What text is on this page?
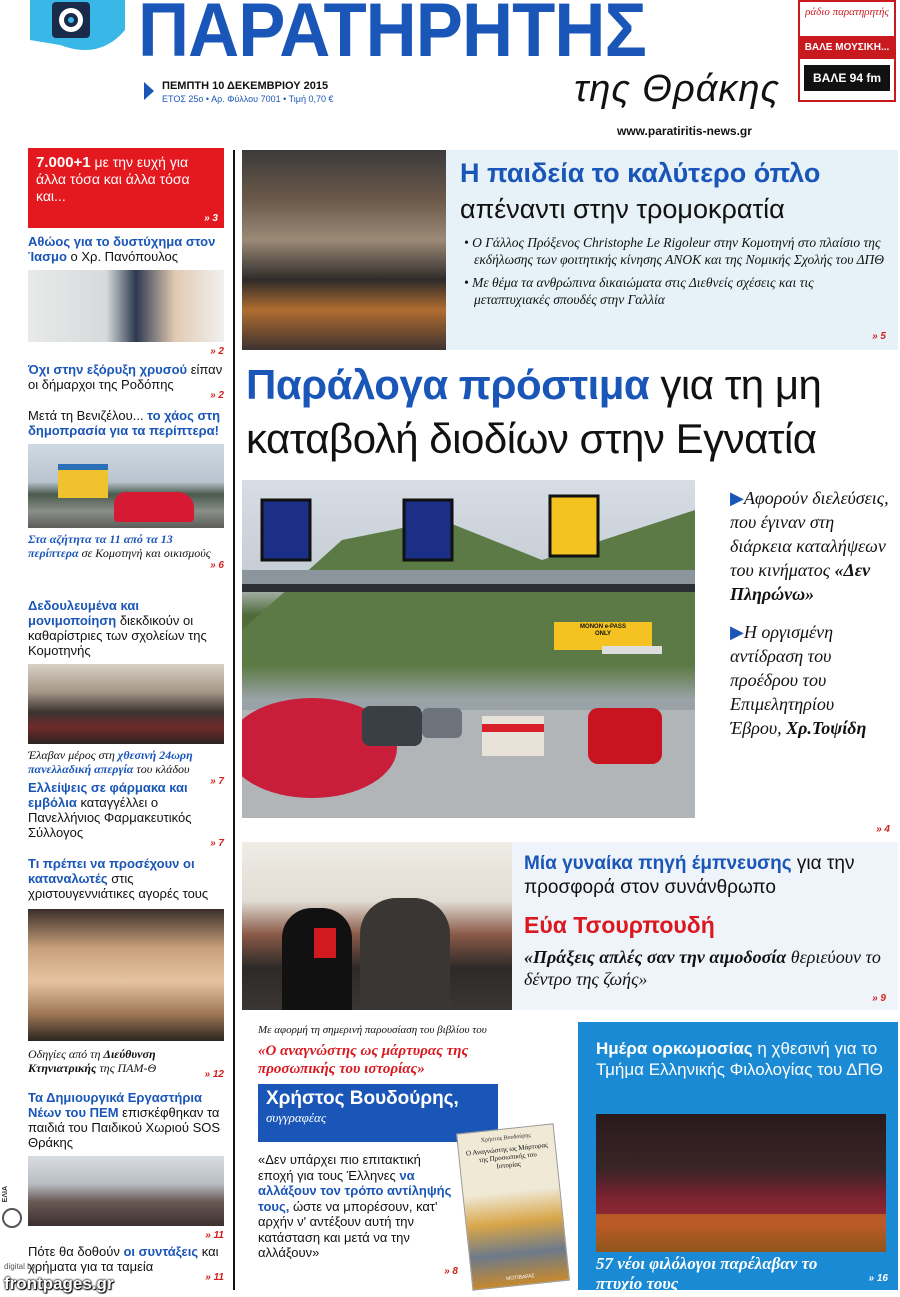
ΠΑΡΑΤΗΡΗΤΗΣ
ΠΕΜΠΤΗ 10 ΔΕΚΕΜΒΡΙΟΥ 2015
ΕΤΟΣ 25ο • Αρ. Φύλλου 7001 • Τιμή 0,70 €	της Θράκης
www.paratiritis-news.gr
ράδιο παρατηρητής
ΒΑΛΕ ΜΟΥΣΙΚΗ...
ΒΑΛΕ 94 fm
7.000+1 με την ευχή για άλλα τόσα και άλλα τόσα και...
» 3
Αθώος για το δυστύχημα στον Ίασμο ο Χρ. Πανόπουλος
» 2
Όχι στην εξόρυξη χρυσού είπαν οι δήμαρχοι της Ροδόπης
» 2
Μετά τη Βενιζέλου... το χάος στη δημοπρασία για τα περίπτερα!
Στα αζήτητα τα 11 από τα 13 περίπτερα σε Κομοτηνή και οικισμούς
» 6
Δεδουλευμένα και μονιμοποίηση διεκδικούν οι καθαρίστριες των σχολείων της Κομοτηνής
Έλαβαν μέρος στη χθεσινή 24ωρη πανελλαδική απεργία του κλάδου
» 7
Ελλείψεις σε φάρμακα και εμβόλια καταγγέλλει ο Πανελλήνιος Φαρμακευτικός Σύλλογος
» 7
Τι πρέπει να προσέχουν οι καταναλωτές στις χριστουγεννιάτικες αγορές τους
Οδηγίες από τη Διεύθυνση Κτηνιατρικής της ΠΑΜ-Θ	» 12
Τα Δημιουργικά Εργαστήρια Νέων του ΠΕΜ επισκέφθηκαν τα παιδιά του Παιδικού Χωριού SOS Θράκης
» 11
Πότε θα δοθούν οι συντάξεις και χρήματα για τα ταμεία
» 11
Η παιδεία το καλύτερο όπλο
απέναντι στην τρομοκρατία
• Ο Γάλλος Πρόξενος Christophe Le Rigoleur στην Κομοτηνή στο πλαίσιο της εκδήλωσης των φοιτητικής κίνησης ΑΝΟΚ και της Νομικής Σχολής του ΔΠΘ
• Με θέμα τα ανθρώπινα δικαιώματα στις Διεθνείς σχέσεις και τις μεταπτυχιακές σπουδές στην Γαλλία
» 5
Παράλογα πρόστιμα για τη μη καταβολή διοδίων στην Εγνατία
ΜΟΝΟΝ e-PASS ONLY
▶Αφορούν διελεύσεις, που έγιναν στη διάρκεια καταλήψεων του κινήματος «Δεν Πληρώνω»
▶Η οργισμένη αντίδραση του προέδρου του Επιμελητηρίου Έβρου, Χρ.Τοψίδη
» 4
Μία γυναίκα πηγή έμπνευσης για την προσφορά στον συνάνθρωπο
Εύα Τσουρπουδή
«Πράξεις απλές σαν την αιμοδοσία θεριεύουν το δέντρο της ζωής»
» 9
Με αφορμή τη σημερινή παρουσίαση του βιβλίου του
«Ο αναγνώστης ως μάρτυρας της προσωπικής του ιστορίας»
Χρήστος Βουδούρης,
συγγραφέας
«Δεν υπάρχει πιο επιτακτική εποχή για τους Έλληνες να αλλάξουν τον τρόπο αντίληψής τους, ώστε να μπορέσουν, κατ' αρχήν ν' αντέξουν αυτή την κατάσταση και μετά να την αλλάξουν»
» 8
Χρήστος Βουδούρης
Ο Αναγνώστης ως Μάρτυρας της Προσωπικής του Ιστορίας
ΜΟΤΙΒΑΡΑΣ
Ημέρα ορκωμοσίας η χθεσινή για το Τμήμα Ελληνικής Φιλολογίας του ΔΠΘ
57 νέοι φιλόλογοι παρέλαβαν το πτυχίο τους	» 16
ΕΛΙΑ
digital by
frontpages.gr
